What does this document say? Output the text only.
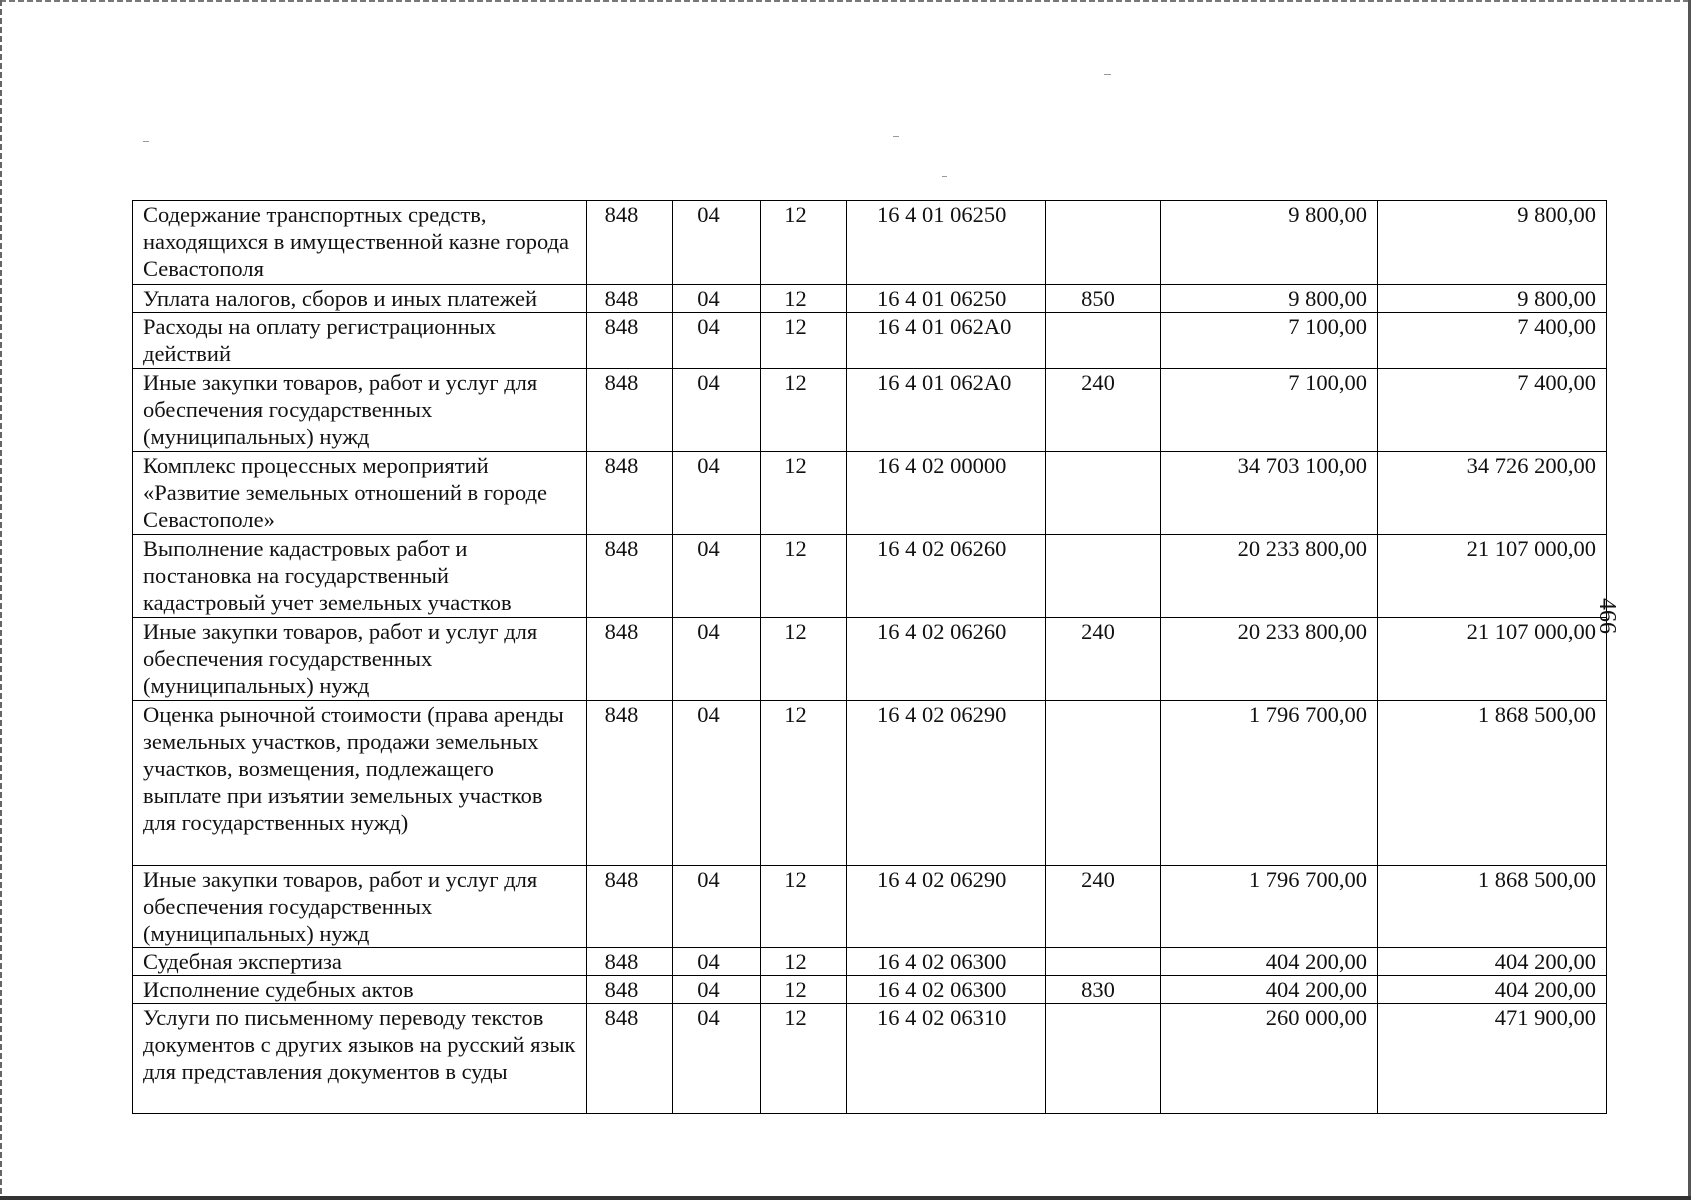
Содержание транспортных средств, находящихся в имущественной казне города Севастополя	848	04	12	16 4 01 06250		9 800,00	9 800,00
Уплата налогов, сборов и иных платежей	848	04	12	16 4 01 06250	850	9 800,00	9 800,00
Расходы на оплату регистрационных действий	848	04	12	16 4 01 062А0		7 100,00	7 400,00
Иные закупки товаров, работ и услуг для обеспечения государственных (муниципальных) нужд	848	04	12	16 4 01 062А0	240	7 100,00	7 400,00
Комплекс процессных мероприятий «Развитие земельных отношений в городе Севастополе»	848	04	12	16 4 02 00000		34 703 100,00	34 726 200,00
Выполнение кадастровых работ и постановка на государственный кадастровый учет земельных участков	848	04	12	16 4 02 06260		20 233 800,00	21 107 000,00
Иные закупки товаров, работ и услуг для обеспечения государственных (муниципальных) нужд	848	04	12	16 4 02 06260	240	20 233 800,00	21 107 000,00
Оценка рыночной стоимости (права аренды земельных участков, продажи земельных участков, возмещения, подлежащего выплате при изъятии земельных участков для государственных нужд)	848	04	12	16 4 02 06290		1 796 700,00	1 868 500,00
Иные закупки товаров, работ и услуг для обеспечения государственных (муниципальных) нужд	848	04	12	16 4 02 06290	240	1 796 700,00	1 868 500,00
Судебная экспертиза	848	04	12	16 4 02 06300		404 200,00	404 200,00
Исполнение судебных актов	848	04	12	16 4 02 06300	830	404 200,00	404 200,00
Услуги по письменному переводу текстов документов с других языков на русский язык для представления документов в суды	848	04	12	16 4 02 06310		260 000,00	471 900,00
466
